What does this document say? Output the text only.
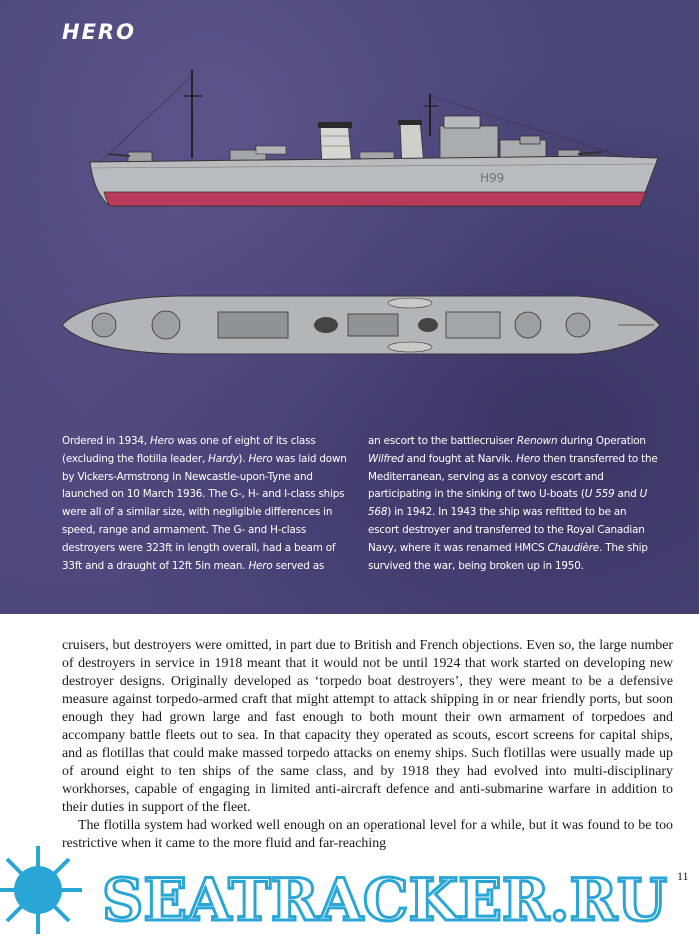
HERO
H99
Ordered in 1934, Hero was one of eight of its class (excluding the flotilla leader, Hardy). Hero was laid down by Vickers-Armstrong in Newcastle-upon-Tyne and launched on 10 March 1936. The G-, H- and I-class ships were all of a similar size, with negligible differences in speed, range and armament. The G- and H-class destroyers were 323ft in length overall, had a beam of 33ft and a draught of 12ft 5in mean. Hero served as
an escort to the battlecruiser Renown during Operation Wilfred and fought at Narvik. Hero then transferred to the Mediterranean, serving as a convoy escort and participating in the sinking of two U-boats (U 559 and U 568) in 1942. In 1943 the ship was refitted to be an escort destroyer and transferred to the Royal Canadian Navy, where it was renamed HMCS Chaudière. The ship survived the war, being broken up in 1950.

cruisers, but destroyers were omitted, in part due to British and French objections. Even so, the large number of destroyers in service in 1918 meant that it would not be until 1924 that work started on developing new destroyer designs. Originally developed as ‘torpedo boat destroyers’, they were meant to be a defensive measure against torpedo-armed craft that might attempt to attack shipping in or near friendly ports, but soon enough they had grown large and fast enough to both mount their own armament of torpedoes and accompany battle fleets out to sea. In that capacity they operated as scouts, escort screens for capital ships, and as flotillas that could make massed torpedo attacks on enemy ships. Such flotillas were usually made up of around eight to ten ships of the same class, and by 1918 they had evolved into multi-disciplinary workhorses, capable of engaging in limited anti-aircraft defence and anti-submarine warfare in addition to their duties in support of the fleet.

The flotilla system had worked well enough on an operational level for a while, but it was found to be too restrictive when it came to the more fluid and far-reaching

11
SEATRACKER.RU
